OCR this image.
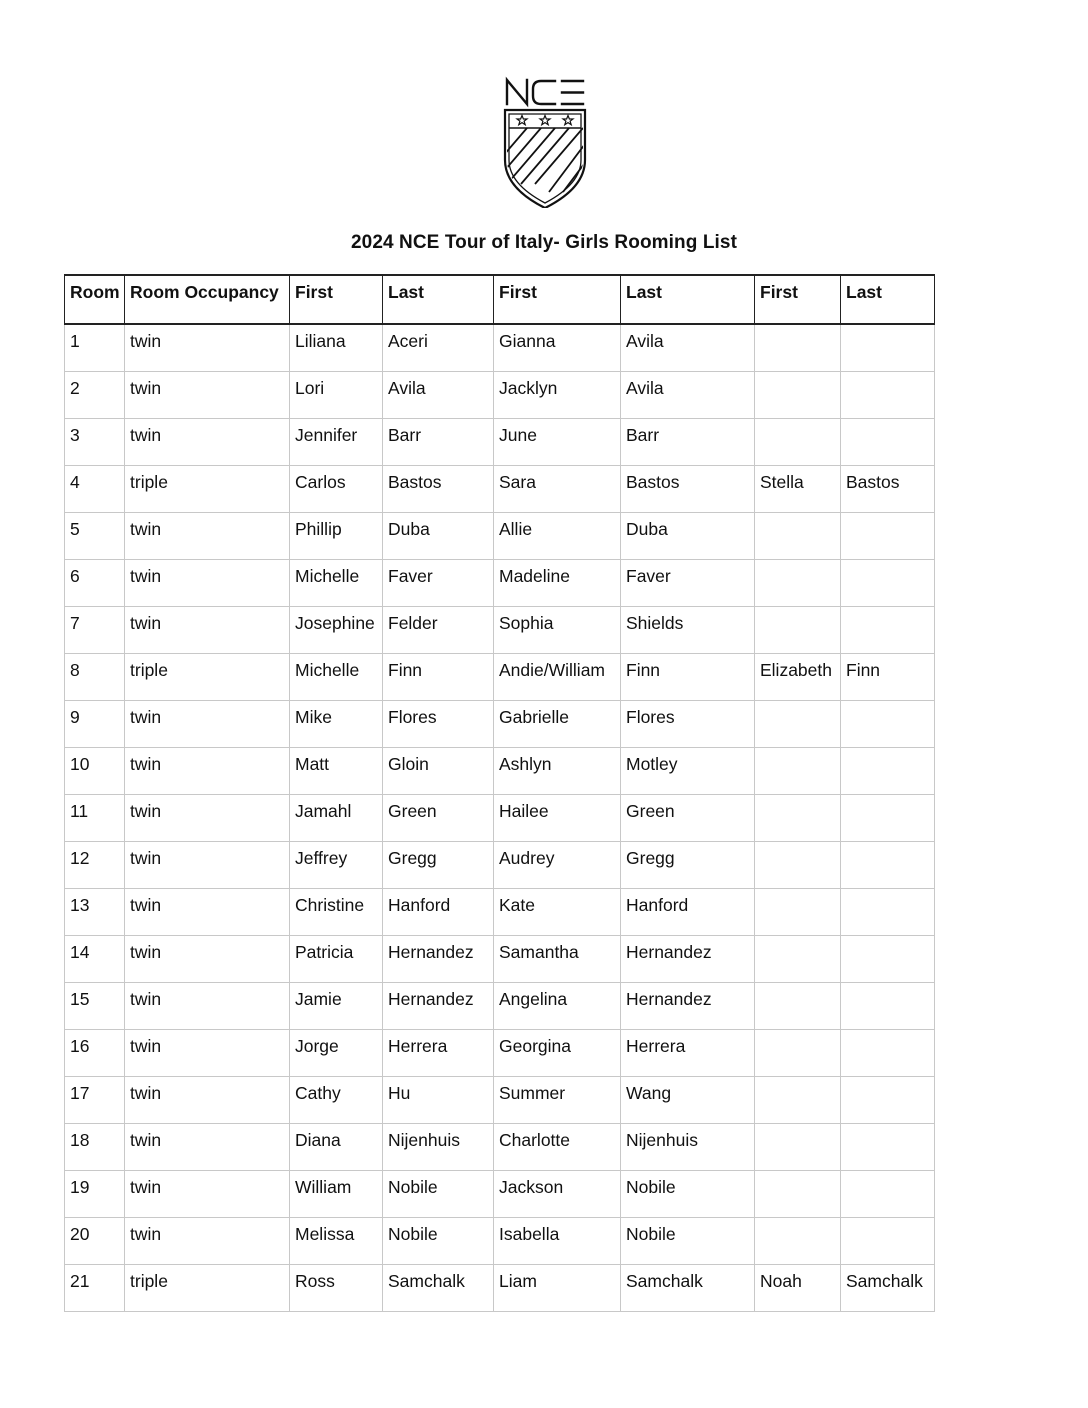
2024 NCE Tour of Italy- Girls Rooming List
Room	Room Occupancy	First	Last	First	Last	First	Last
1	twin	Liliana	Aceri	Gianna	Avila		
2	twin	Lori	Avila	Jacklyn	Avila		
3	twin	Jennifer	Barr	June	Barr		
4	triple	Carlos	Bastos	Sara	Bastos	Stella	Bastos
5	twin	Phillip	Duba	Allie	Duba		
6	twin	Michelle	Faver	Madeline	Faver		
7	twin	Josephine	Felder	Sophia	Shields		
8	triple	Michelle	Finn	Andie/William	Finn	Elizabeth	Finn
9	twin	Mike	Flores	Gabrielle	Flores		
10	twin	Matt	Gloin	Ashlyn	Motley		
11	twin	Jamahl	Green	Hailee	Green		
12	twin	Jeffrey	Gregg	Audrey	Gregg		
13	twin	Christine	Hanford	Kate	Hanford		
14	twin	Patricia	Hernandez	Samantha	Hernandez		
15	twin	Jamie	Hernandez	Angelina	Hernandez		
16	twin	Jorge	Herrera	Georgina	Herrera		
17	twin	Cathy	Hu	Summer	Wang		
18	twin	Diana	Nijenhuis	Charlotte	Nijenhuis		
19	twin	William	Nobile	Jackson	Nobile		
20	twin	Melissa	Nobile	Isabella	Nobile		
21	triple	Ross	Samchalk	Liam	Samchalk	Noah	Samchalk
